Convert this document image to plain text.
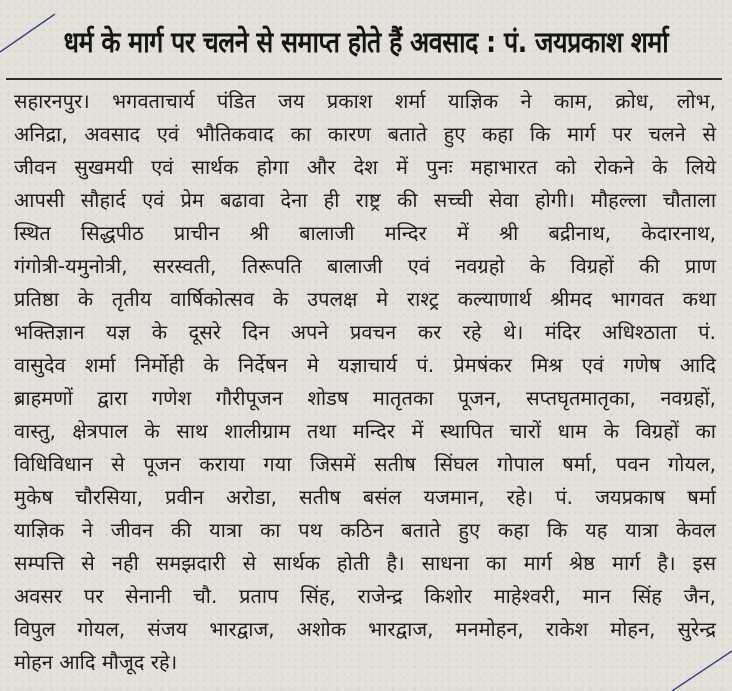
धर्म के मार्ग पर चलने से समाप्त होते हैं अवसाद : पं. जयप्रकाश शर्मा
सहारनपुर। भगवताचार्य पंडित जय प्रकाश शर्मा याज्ञिक ने काम, क्रोध, लोभ,
अनिद्रा, अवसाद एवं भौतिकवाद का कारण बताते हुए कहा कि मार्ग पर चलने से
जीवन सुखमयी एवं सार्थक होगा और देश में पुनः महाभारत को रोकने के लिये
आपसी सौहार्द एवं प्रेम बढावा देना ही राष्ट्र की सच्ची सेवा होगी। मौहल्ला चौताला
स्थित सिद्धपीठ प्राचीन श्री बालाजी मन्दिर में श्री बद्रीनाथ, केदारनाथ,
गंगोत्री-यमुनोत्री, सरस्वती, तिरूपति बालाजी एवं नवग्रहो के विग्रहों की प्राण
प्रतिष्ठा के तृतीय वार्षिकोत्सव के उपलक्ष मे राश्ट्र कल्याणार्थ श्रीमद भागवत कथा
भक्तिज्ञान यज्ञ के दूसरे दिन अपने प्रवचन कर रहे थे। मंदिर अधिश्ठाता पं.
वासुदेव शर्मा निर्मोही के निर्देषन मे यज्ञाचार्य पं. प्रेमषंकर मिश्र एवं गणेष आदि
ब्राहमणों द्वारा गणेश गौरीपूजन शोडष मातृतका पूजन, सप्तघृतमातृका, नवग्रहों,
वास्तु, क्षेत्रपाल के साथ शालीग्राम तथा मन्दिर में स्थापित चारों धाम के विग्रहों का
विधिविधान से पूजन कराया गया जिसमें सतीष सिंघल गोपाल षर्मा, पवन गोयल,
मुकेष चौरसिया, प्रवीन अरोडा, सतीष बसंल यजमान, रहे। पं. जयप्रकाष षर्मा
याज्ञिक ने जीवन की यात्रा का पथ कठिन बताते हुए कहा कि यह यात्रा केवल
सम्पत्ति से नही समझदारी से सार्थक होती है। साधना का मार्ग श्रेष्ठ मार्ग है। इस
अवसर पर सेनानी चौ. प्रताप सिंह, राजेन्द्र किशोर माहेश्वरी, मान सिंह जैन,
विपुल गोयल, संजय भारद्वाज, अशोक भारद्वाज, मनमोहन, राकेश मोहन, सुरेन्द्र
मोहन आदि मौजूद रहे।
